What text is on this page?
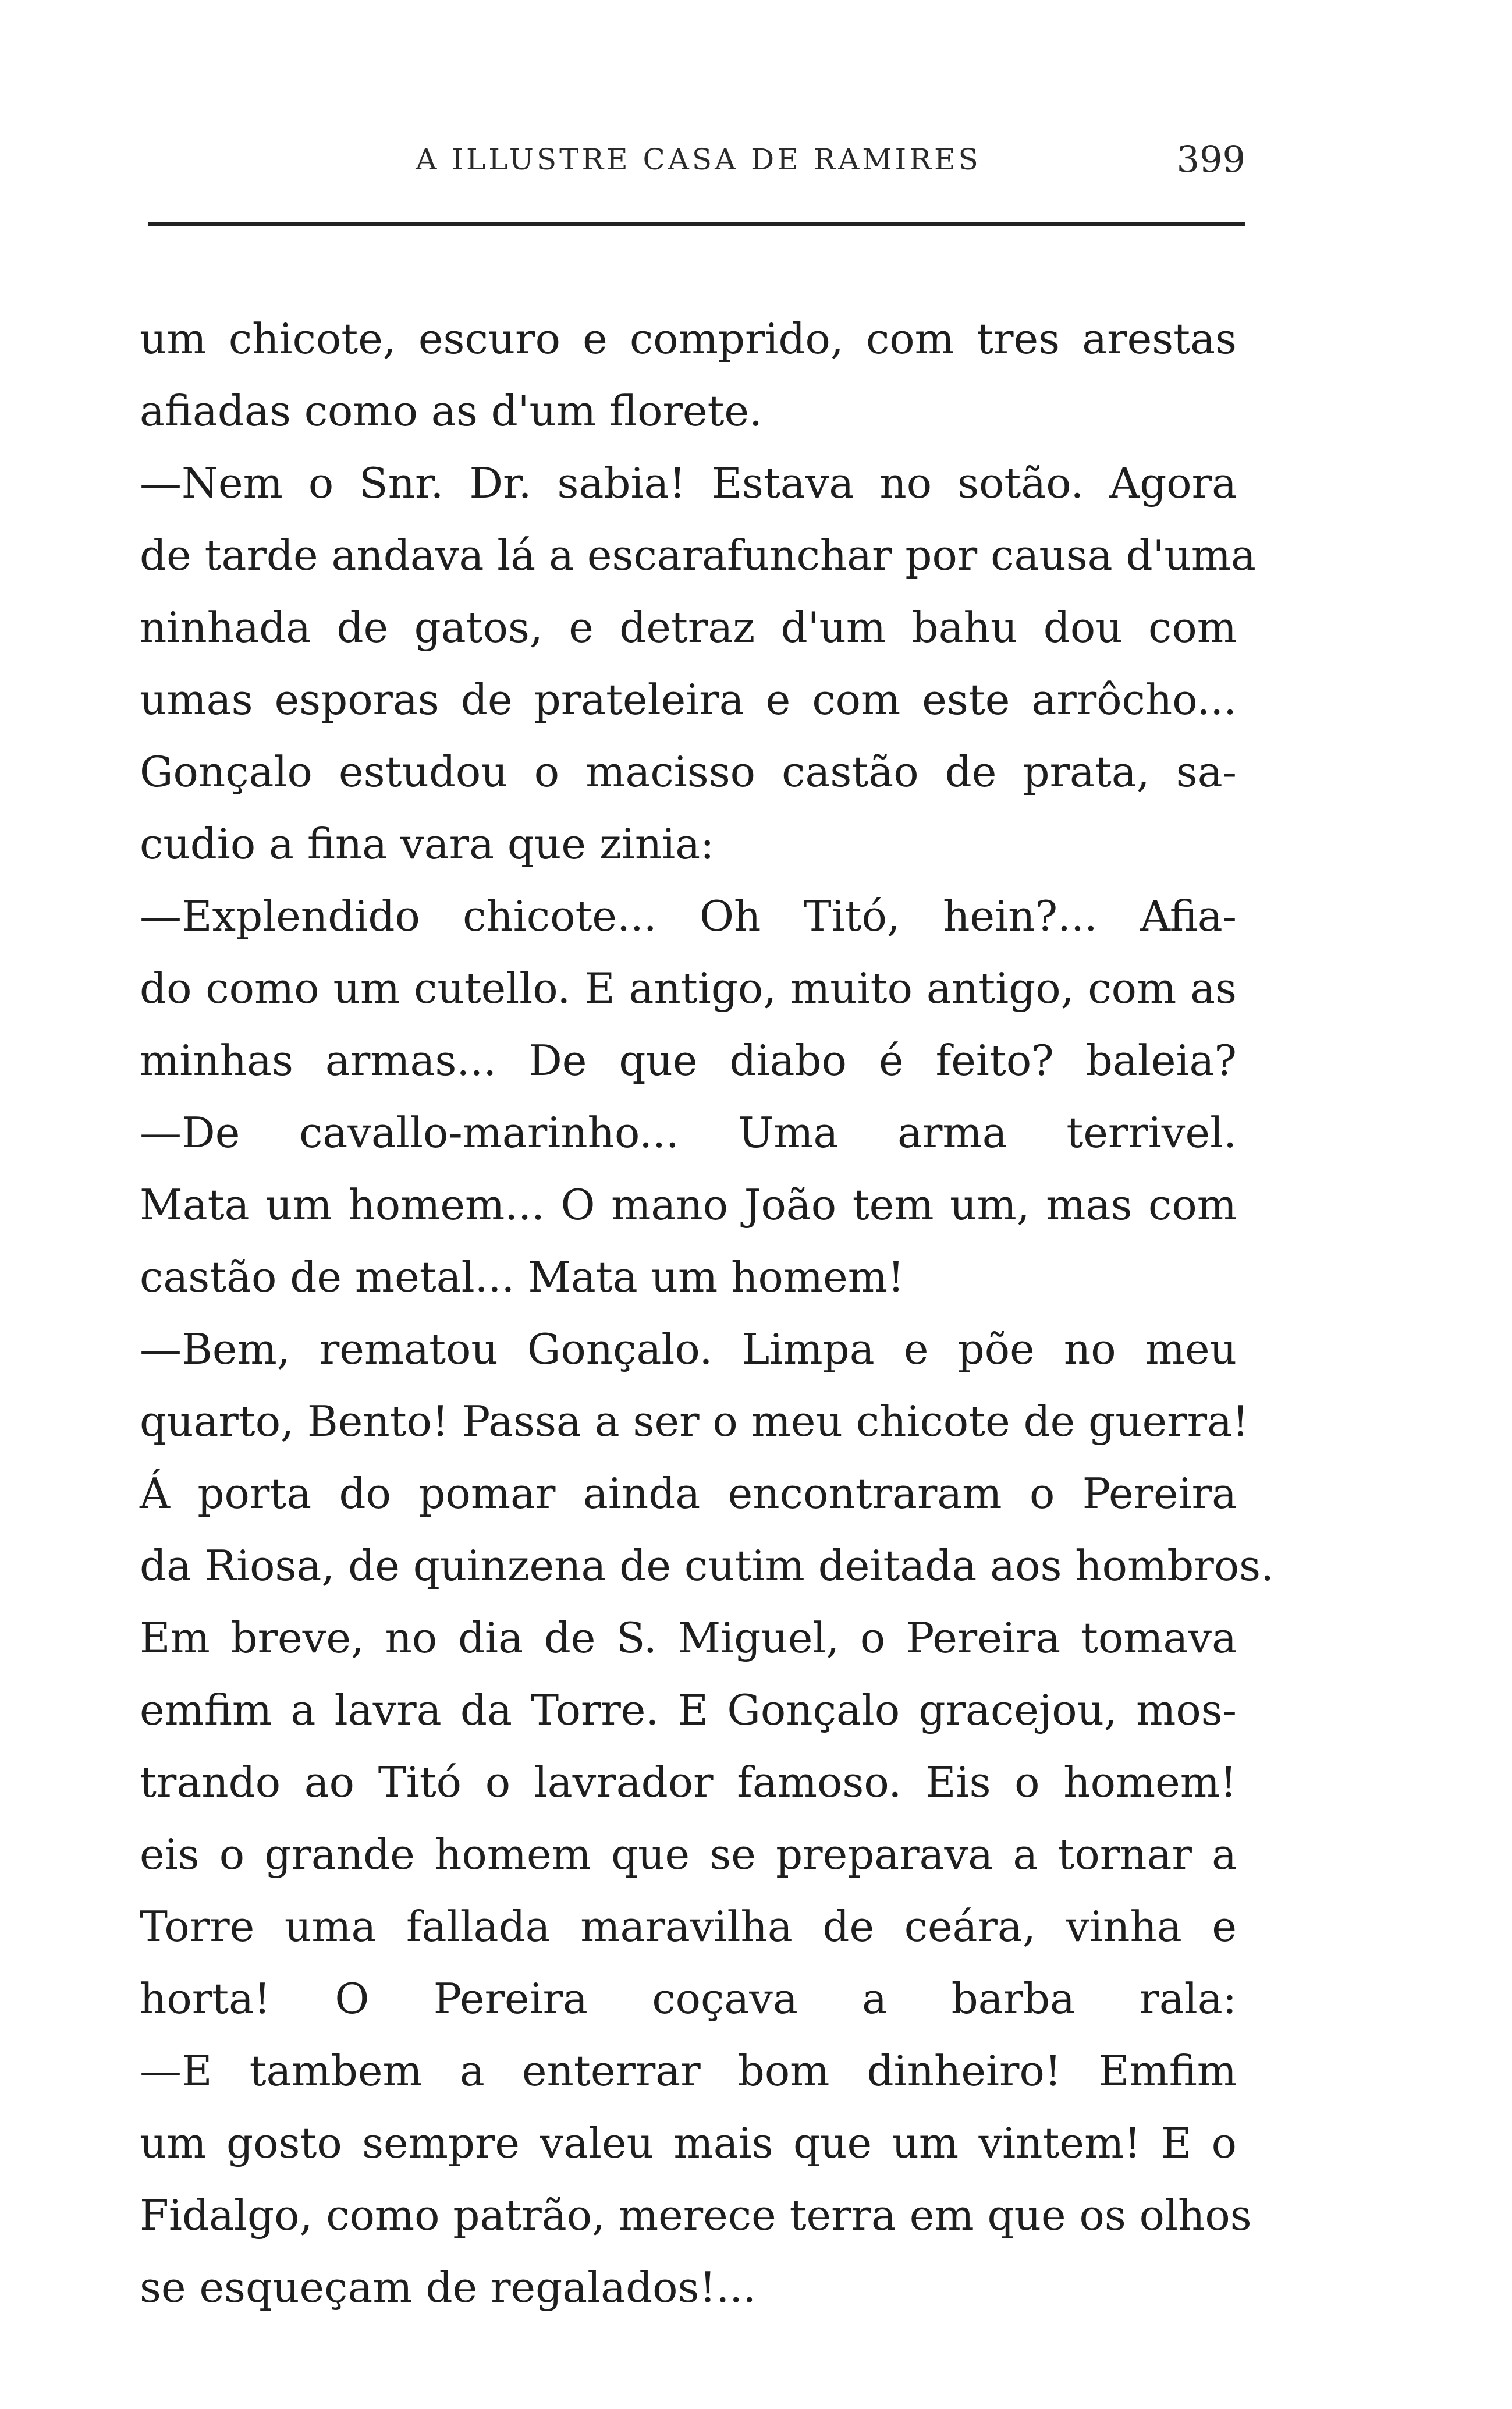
A ILLUSTRE CASA DE RAMIRES	399
um chicote, escuro e comprido, com tres arestas
afiadas como as d'um florete.
—Nem o Snr. Dr. sabia! Estava no sotão. Agora
de tarde andava lá a escarafunchar por causa d'uma
ninhada de gatos, e detraz d'um bahu dou com
umas esporas de prateleira e com este arrôcho...
Gonçalo estudou o macisso castão de prata, sa-
cudio a fina vara que zinia:
—Explendido chicote... Oh Titó, hein?... Afia-
do como um cutello. E antigo, muito antigo, com as
minhas armas... De que diabo é feito? baleia?
—De cavallo-marinho... Uma arma terrivel.
Mata um homem... O mano João tem um, mas com
castão de metal... Mata um homem!
—Bem, rematou Gonçalo. Limpa e põe no meu
quarto, Bento! Passa a ser o meu chicote de guerra!
Á porta do pomar ainda encontraram o Pereira
da Riosa, de quinzena de cutim deitada aos hombros.
Em breve, no dia de S. Miguel, o Pereira tomava
emfim a lavra da Torre. E Gonçalo gracejou, mos-
trando ao Titó o lavrador famoso. Eis o homem!
eis o grande homem que se preparava a tornar a
Torre uma fallada maravilha de ceára, vinha e
horta! O Pereira coçava a barba rala:
—E tambem a enterrar bom dinheiro! Emfim
um gosto sempre valeu mais que um vintem! E o
Fidalgo, como patrão, merece terra em que os olhos
se esqueçam de regalados!...
